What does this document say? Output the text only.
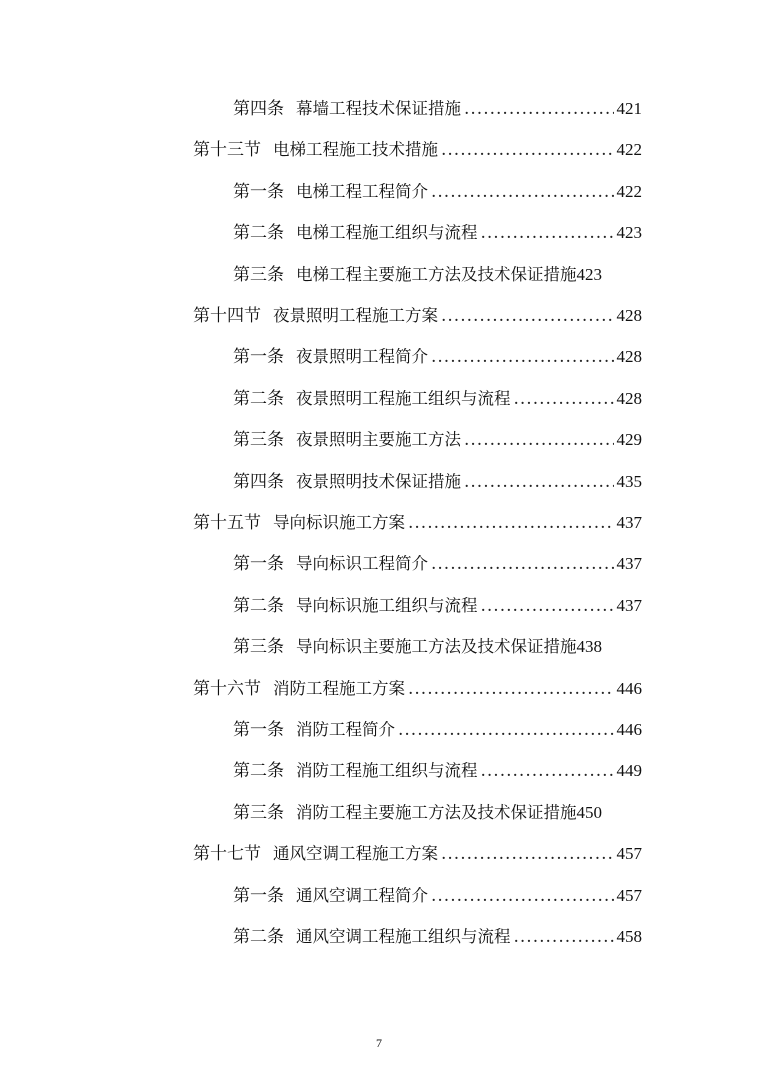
第四条 幕墙工程技术保证措施 .....	421
第十三节 电梯工程施工技术措施 .....	422
第一条 电梯工程工程简介 .....	422
第二条 电梯工程施工组织与流程 .....	423
第三条 电梯工程主要施工方法及技术保证措施 423
第十四节 夜景照明工程施工方案 .....	428
第一条 夜景照明工程简介 .....	428
第二条 夜景照明工程施工组织与流程 .....	428
第三条 夜景照明主要施工方法 .....	429
第四条 夜景照明技术保证措施 .....	435
第十五节 导向标识施工方案 .....	437
第一条 导向标识工程简介 .....	437
第二条 导向标识施工组织与流程 .....	437
第三条 导向标识主要施工方法及技术保证措施 438
第十六节 消防工程施工方案 .....	446
第一条 消防工程简介 .....	446
第二条 消防工程施工组织与流程 .....	449
第三条 消防工程主要施工方法及技术保证措施 450
第十七节 通风空调工程施工方案 .....	457
第一条 通风空调工程简介 .....	457
第二条 通风空调工程施工组织与流程 .....	458
7
